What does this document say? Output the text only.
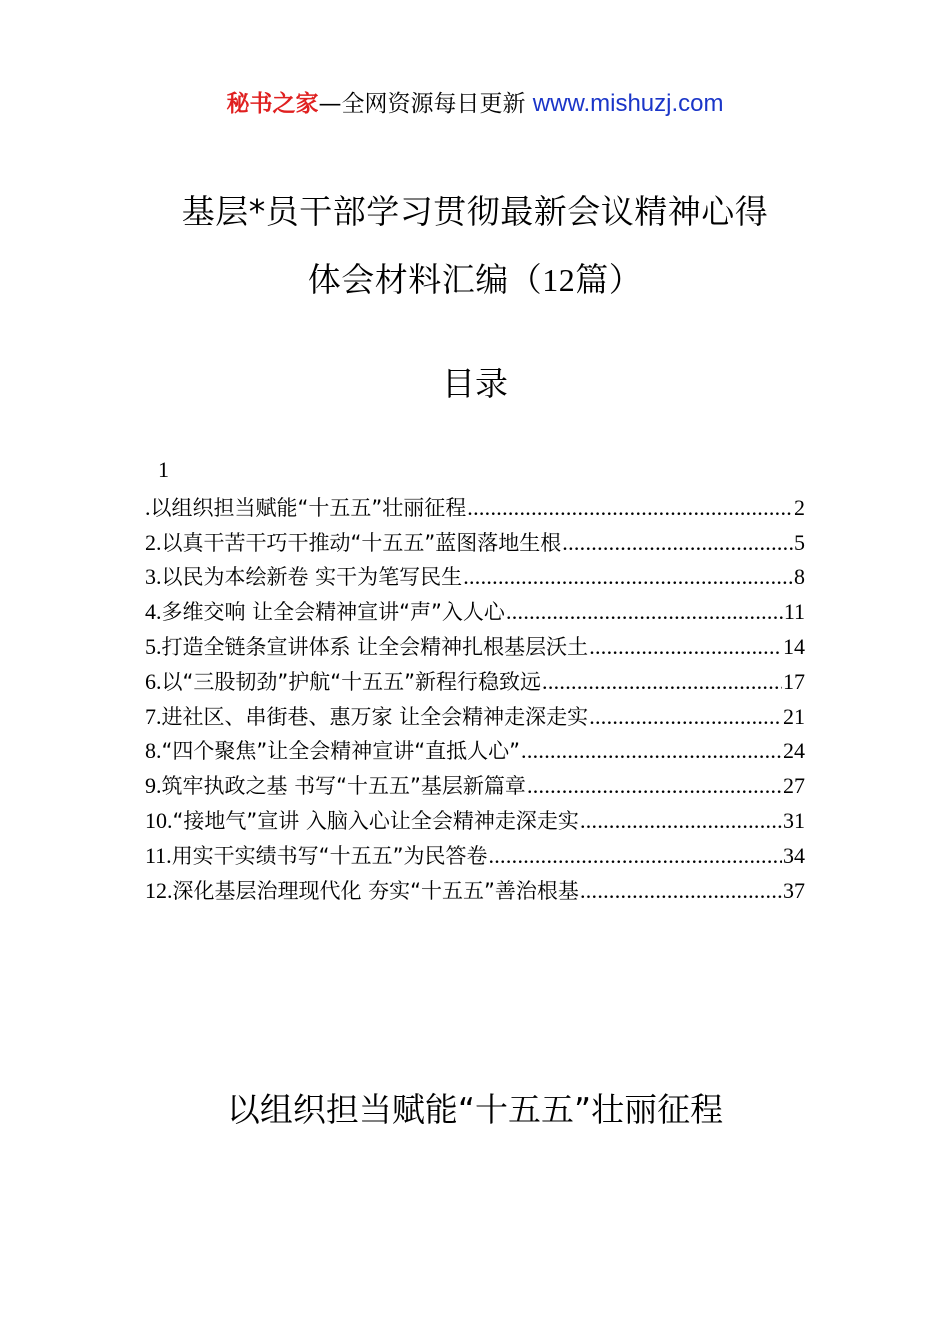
秘书之家—全网资源每日更新 www.mishuzj.com
基层*员干部学习贯彻最新会议精神心得
体会材料汇编（12篇）
目录
1
. 以组织担当赋能“十五五”壮丽征程 .....	2
2. 以真干苦干巧干推动“十五五”蓝图落地生根 .....	5
3. 以民为本绘新卷 实干为笔写民生 .....	8
4. 多维交响 让全会精神宣讲“声”入人心 .....	11
5. 打造全链条宣讲体系 让全会精神扎根基层沃土 .....	14
6. 以“三股韧劲”护航“十五五”新程行稳致远 .....	17
7. 进社区、串街巷、惠万家 让全会精神走深走实 .....	21
8. “四个聚焦”让全会精神宣讲“直抵人心” .....	24
9. 筑牢执政之基 书写“十五五”基层新篇章 .....	27
10. “接地气”宣讲 入脑入心让全会精神走深走实 .....	31
11. 用实干实绩书写“十五五”为民答卷 .....	34
12. 深化基层治理现代化 夯实“十五五”善治根基 .....	37
以组织担当赋能“十五五”壮丽征程
